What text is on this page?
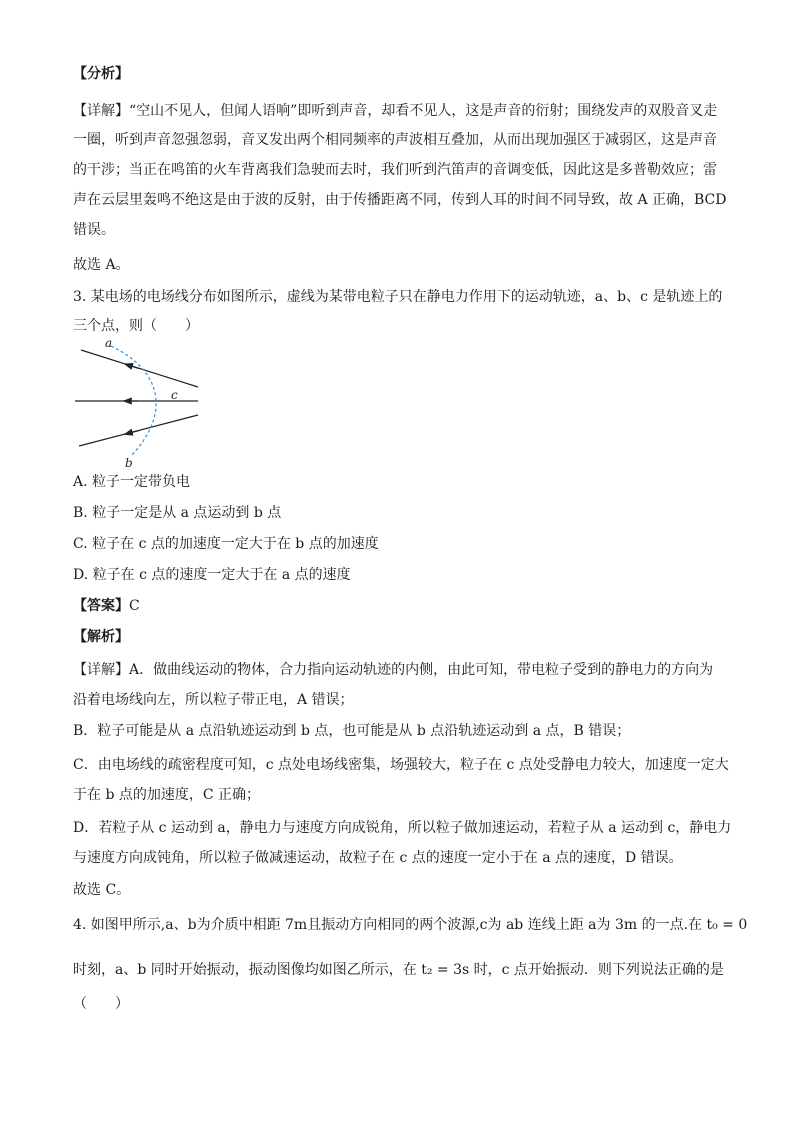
【分析】
【详解】“空山不见人，但闻人语响”即听到声音，却看不见人，这是声音的衍射；围绕发声的双股音叉走
一圈，听到声音忽强忽弱，音叉发出两个相同频率的声波相互叠加，从而出现加强区于减弱区，这是声音
的干涉；当正在鸣笛的火车背离我们急驶而去时，我们听到汽笛声的音调变低，因此这是多普勒效应；雷
声在云层里轰鸣不绝这是由于波的反射，由于传播距离不同，传到人耳的时间不同导致，故 A 正确，BCD
错误。
故选 A。
3. 某电场的电场线分布如图所示，虚线为某带电粒子只在静电力作用下的运动轨迹，a、b、c 是轨迹上的
三个点，则（　　）
a
c
b
A. 粒子一定带负电
B. 粒子一定是从 a 点运动到 b 点
C. 粒子在 c 点的加速度一定大于在 b 点的加速度
D. 粒子在 c 点的速度一定大于在 a 点的速度
【答案】C
【解析】
【详解】A．做曲线运动的物体，合力指向运动轨迹的内侧，由此可知，带电粒子受到的静电力的方向为
沿着电场线向左，所以粒子带正电，A 错误；
B．粒子可能是从 a 点沿轨迹运动到 b 点，也可能是从 b 点沿轨迹运动到 a 点，B 错误；
C．由电场线的疏密程度可知，c 点处电场线密集，场强较大，粒子在 c 点处受静电力较大，加速度一定大
于在 b 点的加速度，C 正确；
D．若粒子从 c 运动到 a，静电力与速度方向成锐角，所以粒子做加速运动，若粒子从 a 运动到 c，静电力
与速度方向成钝角，所以粒子做减速运动，故粒子在 c 点的速度一定小于在 a 点的速度，D 错误。
故选 C。
4. 如图甲所示,a、b为介质中相距 7m且振动方向相同的两个波源,c为 ab 连线上距 a为 3m 的一点.在 t₀ = 0
时刻，a、b 同时开始振动，振动图像均如图乙所示，在 t₂ = 3s 时，c 点开始振动．则下列说法正确的是
（　　）
